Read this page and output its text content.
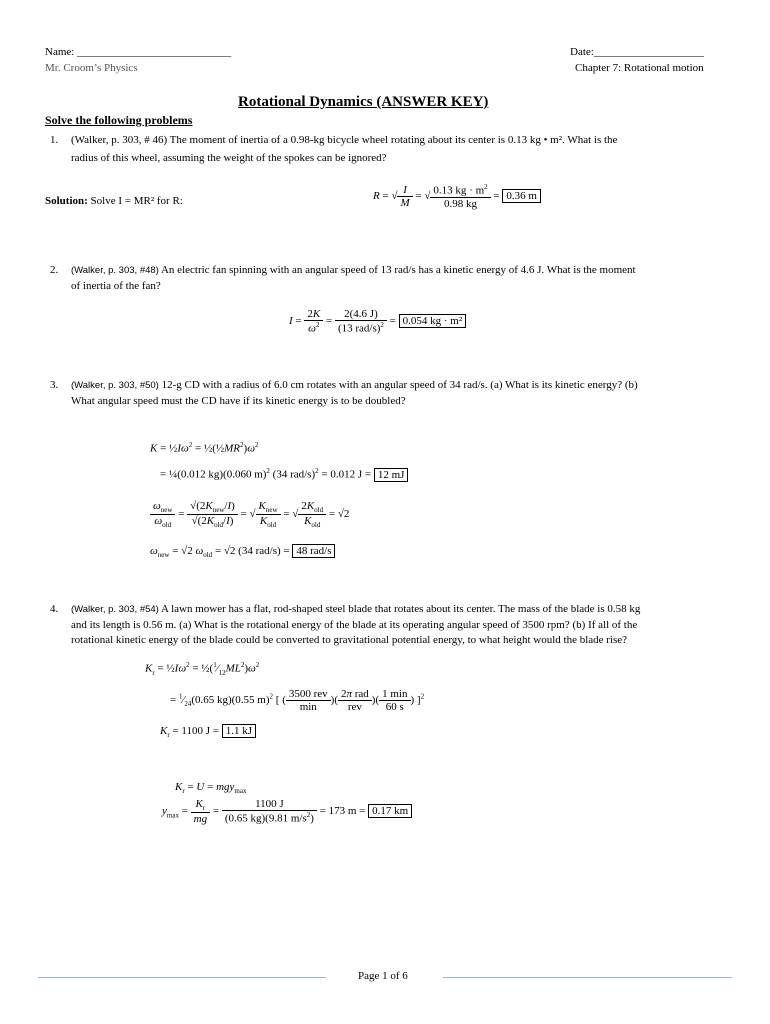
Name: ____________________________	Date:____________________
Mr. Croom’s Physics	Chapter 7: Rotational motion
Rotational Dynamics (ANSWER KEY)
Solve the following problems
1. (Walker, p. 303, # 46) The moment of inertia of a 0.98-kg bicycle wheel rotating about its center is 0.13 kg • m². What is the
radius of this wheel, assuming the weight of the spokes can be ignored?
Solution: Solve I = MR² for R:	R = √ $\frac{I}{M}$ = √ $\frac{0.13 kg \cdot m^2}{0.98 kg} = 0.36$ m
2. (Walker, p. 303, #48) An electric fan spinning with an angular speed of 13 rad/s has a kinetic energy of 4.6 J. What is the moment
of inertia of the fan?
$I = \frac{2K}{\omega^2} = \frac{2(4.6 J)}{(13 rad/s)^2} = 0.054$ kg · m²
3. (Walker, p. 303, #50) 12-g CD with a radius of 6.0 cm rotates with an angular speed of 34 rad/s. (a) What is its kinetic energy? (b)
What angular speed must the CD have if its kinetic energy is to be doubled?
$K = \frac{1}{2}I\omega^2$ = $\frac{1}{2}(\frac{1}{2}MR^2)\omega^2$
= ¼(0.012 kg)(0.060 m)$^2$ (34 rad/s)$^2$ = 0.012 J = 12 mJ
$\frac{\omega_{new}}{\omega_{old}} = \frac{√(2K_{new}/I)}{√(2K_{old}/I)}$ = √ $\frac{K_{new}}{K_{old}}$ = √ $\frac{2K_{old}}{K_{old}} = √2$
$\omega_{new} = √2$ $\omega_{old} = √2$ (34 rad/s) = 48 rad/s
4. (Walker, p. 303, #54) A lawn mower has a flat, rod-shaped steel blade that rotates about its center. The mass of the blade is 0.58 kg
and its length is 0.56 m. (a) What is the rotational energy of the blade at its operating angular speed of 3500 rpm? (b) If all of the
rotational kinetic energy of the blade could be converted to gravitational potential energy, to what height would the blade rise?
$K_r$ = $\frac{1}{2}I\omega^2$ = $\frac{1}{2}(^1⁄_{12}ML^2)\omega^2$
= $^1⁄_{24}(0.65$ kg)(0.55 m)$^2$ [ ( $\frac{\text{3500 rev}}{\min}$ )( $\frac{\text{2π rad}}{\text{rev}}$ )( $\frac{1 \min}{60 s}$ ) ]$^2$
$K_r = 1100$ J = 1.1 kJ
$K_r = U = mgy_{max}$
$y_{max} = \frac{K_r}{mg} = \frac{1100 J}{(0.65 kg)(9.81 m/s^2)} = 173$ m = 0.17 km
Page 1 of 6
